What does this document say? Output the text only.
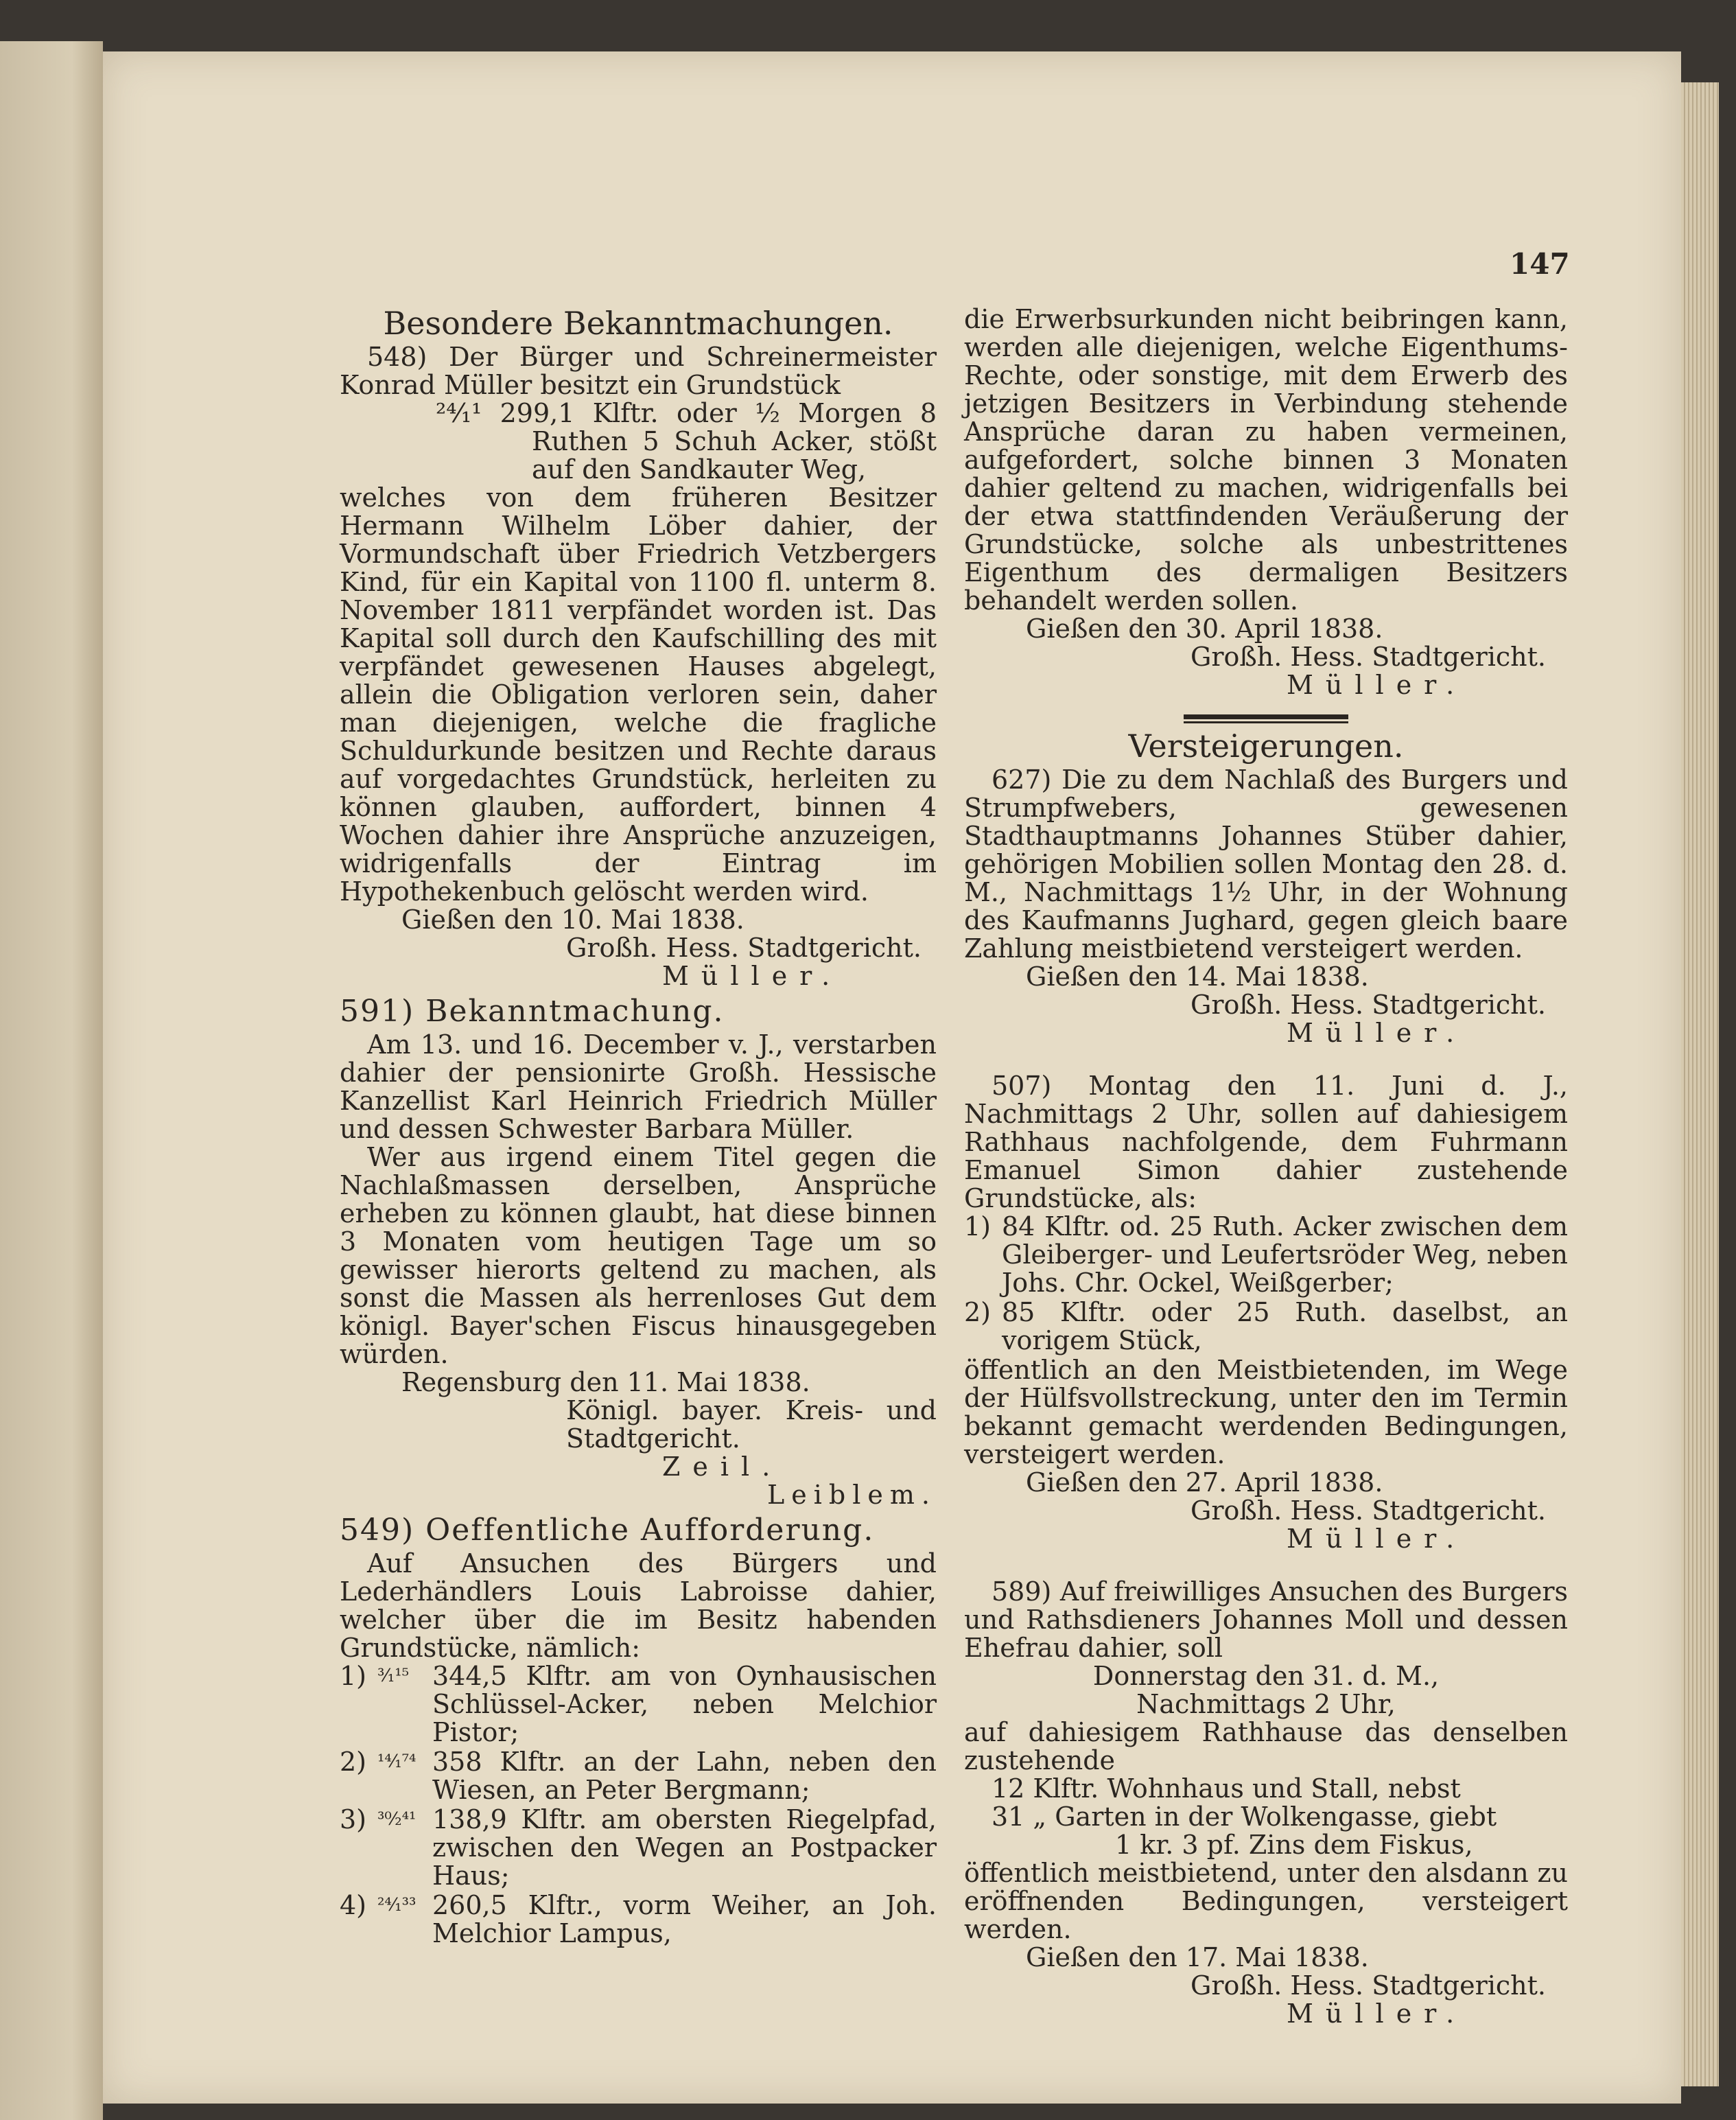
147
Besondere Bekanntmachungen.

548) Der Bürger und Schreinermeister Konrad Müller besitzt ein Grundstück

²⁴⁄₁¹ 299,1 Klftr. oder ½ Morgen 8 Ruthen 5 Schuh Acker, stößt auf den Sandkauter Weg,

welches von dem früheren Besitzer Hermann Wilhelm Löber dahier, der Vormundschaft über Friedrich Vetzbergers Kind, für ein Kapital von 1100 fl. unterm 8. November 1811 verpfändet worden ist. Das Kapital soll durch den Kaufschilling des mit verpfändet gewesenen Hauses abgelegt, allein die Obligation verloren sein, daher man diejenigen, welche die fragliche Schuldurkunde besitzen und Rechte daraus auf vorgedachtes Grundstück, herleiten zu können glauben, auffordert, binnen 4 Wochen dahier ihre Ansprüche anzuzeigen, widrigenfalls der Eintrag im Hypothekenbuch gelöscht werden wird.

Gießen den 10. Mai 1838.

Großh. Hess. Stadtgericht.

Müller.

591) Bekanntmachung.

Am 13. und 16. December v. J., verstarben dahier der pensionirte Großh. Hessische Kanzellist Karl Heinrich Friedrich Müller und dessen Schwester Barbara Müller.

Wer aus irgend einem Titel gegen die Nachlaßmassen derselben, Ansprüche erheben zu können glaubt, hat diese binnen 3 Monaten vom heutigen Tage um so gewisser hierorts geltend zu machen, als sonst die Massen als herrenloses Gut dem königl. Bayer'schen Fiscus hinausgegeben würden.

Regensburg den 11. Mai 1838.

Königl. bayer. Kreis- und Stadtgericht.

Zeil.

Leiblem.

549) Oeffentliche Aufforderung.

Auf Ansuchen des Bürgers und Lederhändlers Louis Labroisse dahier, welcher über die im Besitz habenden Grundstücke, nämlich:

1) ³⁄₁¹⁵ 344,5 Klftr. am von Oynhausischen Schlüssel-Acker, neben Melchior Pistor;
2) ¹⁴⁄₁⁷⁴ 358 Klftr. an der Lahn, neben den Wiesen, an Peter Bergmann;
3) ³⁰⁄₂⁴¹ 138,9 Klftr. am obersten Riegelpfad, zwischen den Wegen an Postpacker Haus;
4) ²⁴⁄₁³³ 260,5 Klftr., vorm Weiher, an Joh. Melchior Lampus,

die Erwerbsurkunden nicht beibringen kann, werden alle diejenigen, welche Eigenthums-Rechte, oder sonstige, mit dem Erwerb des jetzigen Besitzers in Verbindung stehende Ansprüche daran zu haben vermeinen, aufgefordert, solche binnen 3 Monaten dahier geltend zu machen, widrigenfalls bei der etwa stattfindenden Veräußerung der Grundstücke, solche als unbestrittenes Eigenthum des dermaligen Besitzers behandelt werden sollen.

Gießen den 30. April 1838.

Großh. Hess. Stadtgericht.

Müller.

Versteigerungen.

627) Die zu dem Nachlaß des Burgers und Strumpfwebers, gewesenen Stadthauptmanns Johannes Stüber dahier, gehörigen Mobilien sollen Montag den 28. d. M., Nachmittags 1½ Uhr, in der Wohnung des Kaufmanns Jughard, gegen gleich baare Zahlung meistbietend versteigert werden.

Gießen den 14. Mai 1838.

Großh. Hess. Stadtgericht.

Müller.

507) Montag den 11. Juni d. J., Nachmittags 2 Uhr, sollen auf dahiesigem Rathhaus nachfolgende, dem Fuhrmann Emanuel Simon dahier zustehende Grundstücke, als:

1) 84 Klftr. od. 25 Ruth. Acker zwischen dem Gleiberger- und Leufertsröder Weg, neben Johs. Chr. Ockel, Weißgerber;
2) 85 Klftr. oder 25 Ruth. daselbst, an vorigem Stück,

öffentlich an den Meistbietenden, im Wege der Hülfsvollstreckung, unter den im Termin bekannt gemacht werdenden Bedingungen, versteigert werden.

Gießen den 27. April 1838.

Großh. Hess. Stadtgericht.

Müller.

589) Auf freiwilliges Ansuchen des Burgers und Rathsdieners Johannes Moll und dessen Ehefrau dahier, soll

Donnerstag den 31. d. M.,

Nachmittags 2 Uhr,

auf dahiesigem Rathhause das denselben zustehende

12 Klftr. Wohnhaus und Stall, nebst

31 „ Garten in der Wolkengasse, giebt

1 kr. 3 pf. Zins dem Fiskus,

öffentlich meistbietend, unter den alsdann zu eröffnenden Bedingungen, versteigert werden.

Gießen den 17. Mai 1838.

Großh. Hess. Stadtgericht.

Müller.
